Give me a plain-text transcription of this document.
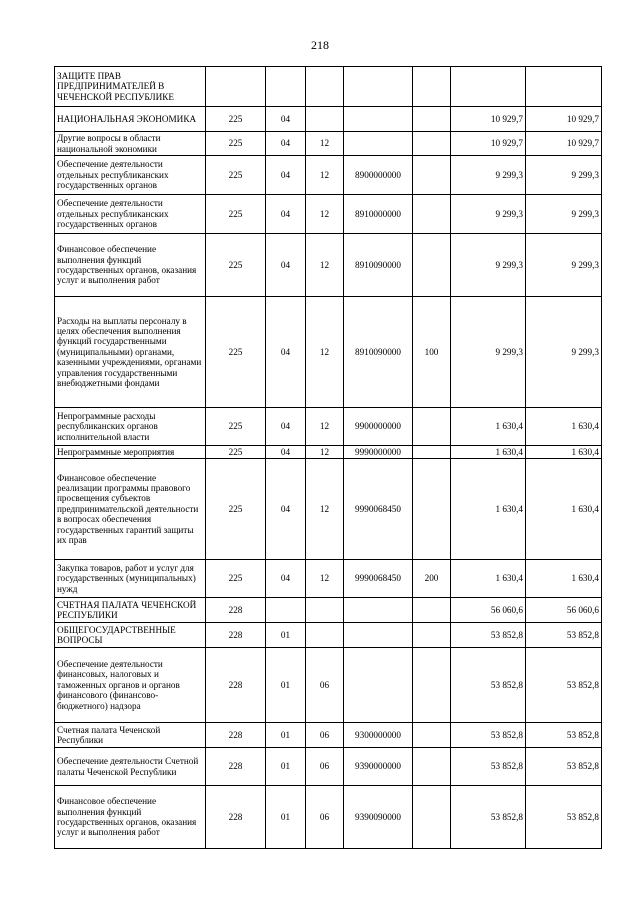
218
ЗАЩИТЕ ПРАВ ПРЕДПРИНИМАТЕЛЕЙ В ЧЕЧЕНСКОЙ РЕСПУБЛИКЕ							
НАЦИОНАЛЬНАЯ ЭКОНОМИКА	225	04				10 929,7	10 929,7
Другие вопросы в области национальной экономики	225	04	12			10 929,7	10 929,7
Обеспечение деятельности отдельных республиканских государственных органов	225	04	12	8900000000		9 299,3	9 299,3
Обеспечение деятельности отдельных республиканских государственных органов	225	04	12	8910000000		9 299,3	9 299,3
Финансовое обеспечение выполнения функций государственных органов, оказания услуг и выполнения работ	225	04	12	8910090000		9 299,3	9 299,3
Расходы на выплаты персоналу в целях обеспечения выполнения функций государственными (муниципальными) органами, казенными учреждениями, органами управления государственными внебюджетными фондами	225	04	12	8910090000	100	9 299,3	9 299,3
Непрограммные расходы республиканских органов исполнительной власти	225	04	12	9900000000		1 630,4	1 630,4
Непрограммные мероприятия	225	04	12	9990000000		1 630,4	1 630,4
Финансовое обеспечение реализации программы правового просвещения субъектов предпринимательской деятельности в вопросах обеспечения государственных гарантий защиты их прав	225	04	12	9990068450		1 630,4	1 630,4
Закупка товаров, работ и услуг для государственных (муниципальных) нужд	225	04	12	9990068450	200	1 630,4	1 630,4
СЧЕТНАЯ ПАЛАТА ЧЕЧЕНСКОЙ РЕСПУБЛИКИ	228					56 060,6	56 060,6
ОБЩЕГОСУДАРСТВЕННЫЕ ВОПРОСЫ	228	01				53 852,8	53 852,8
Обеспечение деятельности финансовых, налоговых и таможенных органов и органов финансового (финансово-бюджетного) надзора	228	01	06			53 852,8	53 852,8
Счетная палата Чеченской Республики	228	01	06	9300000000		53 852,8	53 852,8
Обеспечение деятельности Счетной палаты Чеченской Республики	228	01	06	9390000000		53 852,8	53 852,8
Финансовое обеспечение выполнения функций государственных органов, оказания услуг и выполнения работ	228	01	06	9390090000		53 852,8	53 852,8
